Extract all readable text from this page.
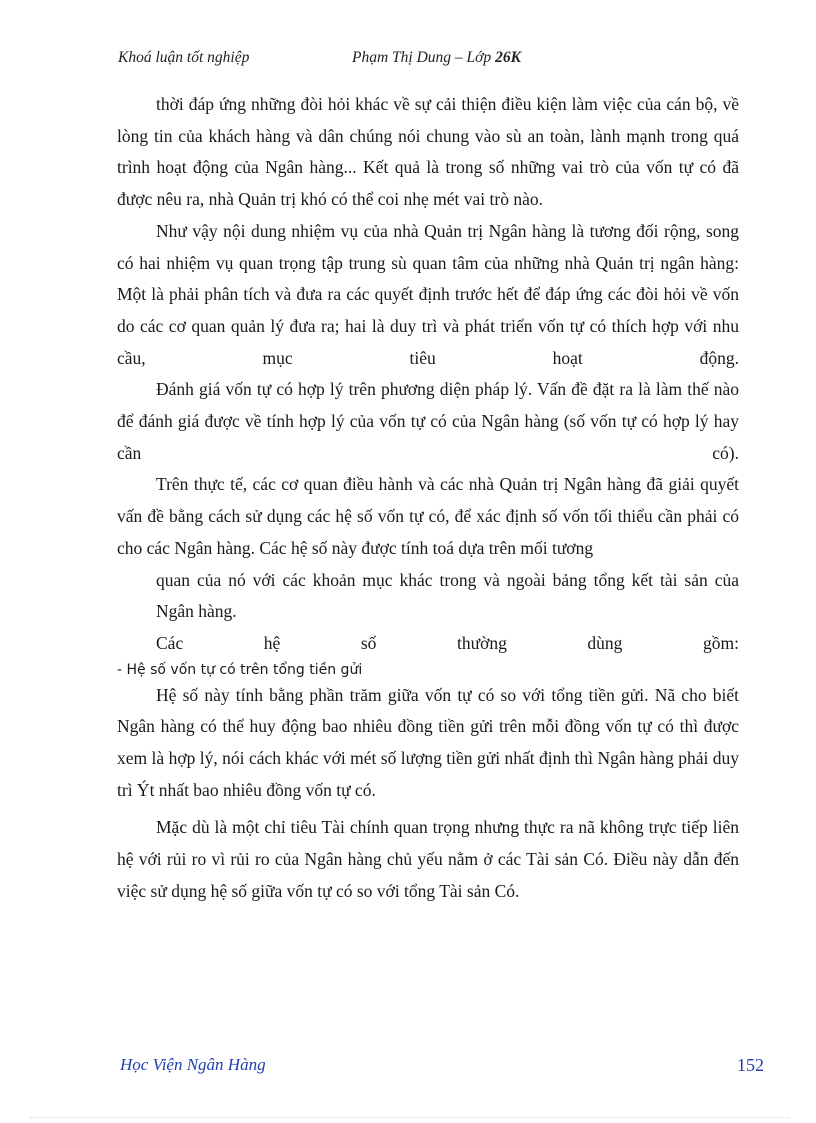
Khoá luận tốt nghiệp	Phạm Thị Dung – Lớp 26K

thời đáp ứng những đòi hỏi khác về sự cải thiện điều kiện làm việc của cán bộ, về lòng tin của khách hàng và dân chúng nói chung vào sù an toàn, lành mạnh trong quá trình hoạt động của Ngân hàng... Kết quả là trong số những vai trò của vốn tự có đã được nêu ra, nhà Quản trị khó có thể coi nhẹ mét vai trò nào.

Như vậy nội dung nhiệm vụ của nhà Quản trị Ngân hàng là tương đối rộng, song có hai nhiệm vụ quan trọng tập trung sù quan tâm của những nhà Quản trị ngân hàng: Một là phải phân tích và đưa ra các quyết định trước hết để đáp ứng các đòi hỏi về vốn do các cơ quan quản lý đưa ra; hai là duy trì và phát triển vốn tự có thích hợp với nhu cầu, mục tiêu hoạt động.

Đánh giá vốn tự có hợp lý trên phương diện pháp lý. Vấn đề đặt ra là làm thế nào để đánh giá được về tính hợp lý của vốn tự có của Ngân hàng (số vốn tự có hợp lý hay cần có).

Trên thực tế, các cơ quan điều hành và các nhà Quản trị Ngân hàng đã giải quyết vấn đề bằng cách sử dụng các hệ số vốn tự có, để xác định số vốn tối thiểu cần phải có cho các Ngân hàng. Các hệ số này được tính toá dựa trên mối tương

quan của nó với các khoản mục khác trong và ngoài bảng tổng kết tài sản của Ngân hàng.

Các hệ số thường dùng gồm:

- Hệ số vốn tự có trên tổng tiền gửi

Hệ số này tính bằng phần trăm giữa vốn tự có so với tổng tiền gửi. Nã cho biết Ngân hàng có thể huy động bao nhiêu đồng tiền gửi trên mỗi đồng vốn tự có thì được xem là hợp lý, nói cách khác với mét số lượng tiền gửi nhất định thì Ngân hàng phải duy trì Ýt nhất bao nhiêu đồng vốn tự có.

Mặc dù là một chỉ tiêu Tài chính quan trọng nhưng thực ra nã không trực tiếp liên hệ với rủi ro vì rủi ro của Ngân hàng chủ yếu nằm ở các Tài sản Có. Điều này dẫn đến việc sử dụng hệ số giữa vốn tự có so với tổng Tài sản Có.

Học Viện Ngân Hàng	152
